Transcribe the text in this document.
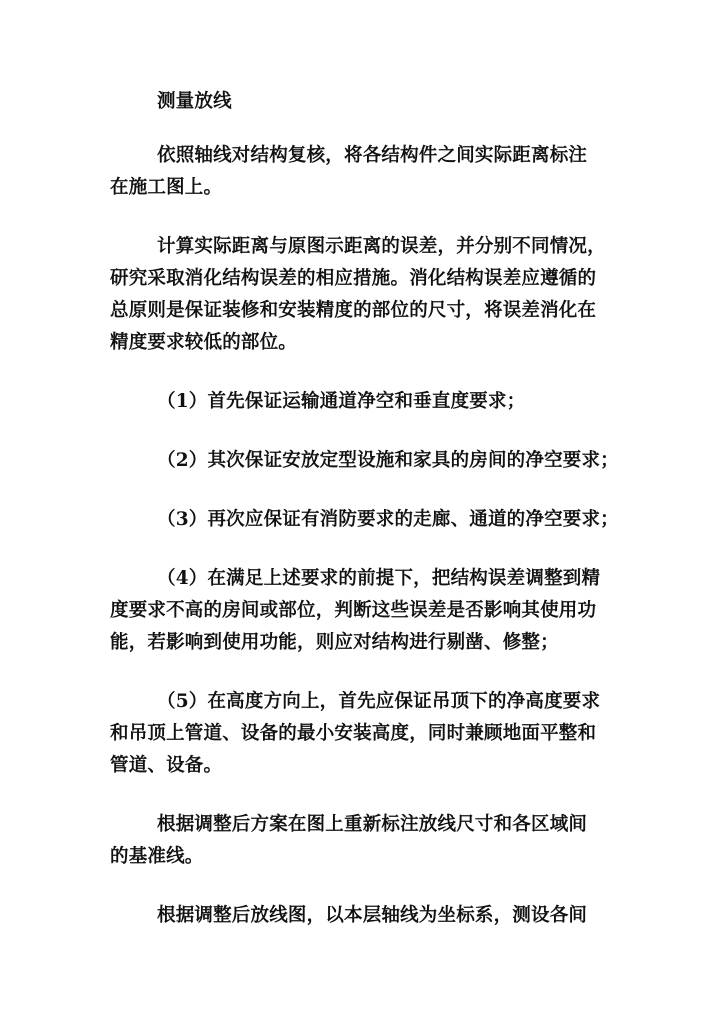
测量放线
依照轴线对结构复核，将各结构件之间实际距离标注
在施工图上。
计算实际距离与原图示距离的误差，并分别不同情况，
研究采取消化结构误差的相应措施。消化结构误差应遵循的
总原则是保证装修和安装精度的部位的尺寸，将误差消化在
精度要求较低的部位。
（1）首先保证运输通道净空和垂直度要求；
（2）其次保证安放定型设施和家具的房间的净空要求；
（3）再次应保证有消防要求的走廊、通道的净空要求；
（4）在满足上述要求的前提下，把结构误差调整到精
度要求不高的房间或部位，判断这些误差是否影响其使用功
能，若影响到使用功能，则应对结构进行剔凿、修整；
（5）在高度方向上，首先应保证吊顶下的净高度要求
和吊顶上管道、设备的最小安装高度，同时兼顾地面平整和
管道、设备。
根据调整后方案在图上重新标注放线尺寸和各区域间
的基准线。
根据调整后放线图，以本层轴线为坐标系，测设各间
